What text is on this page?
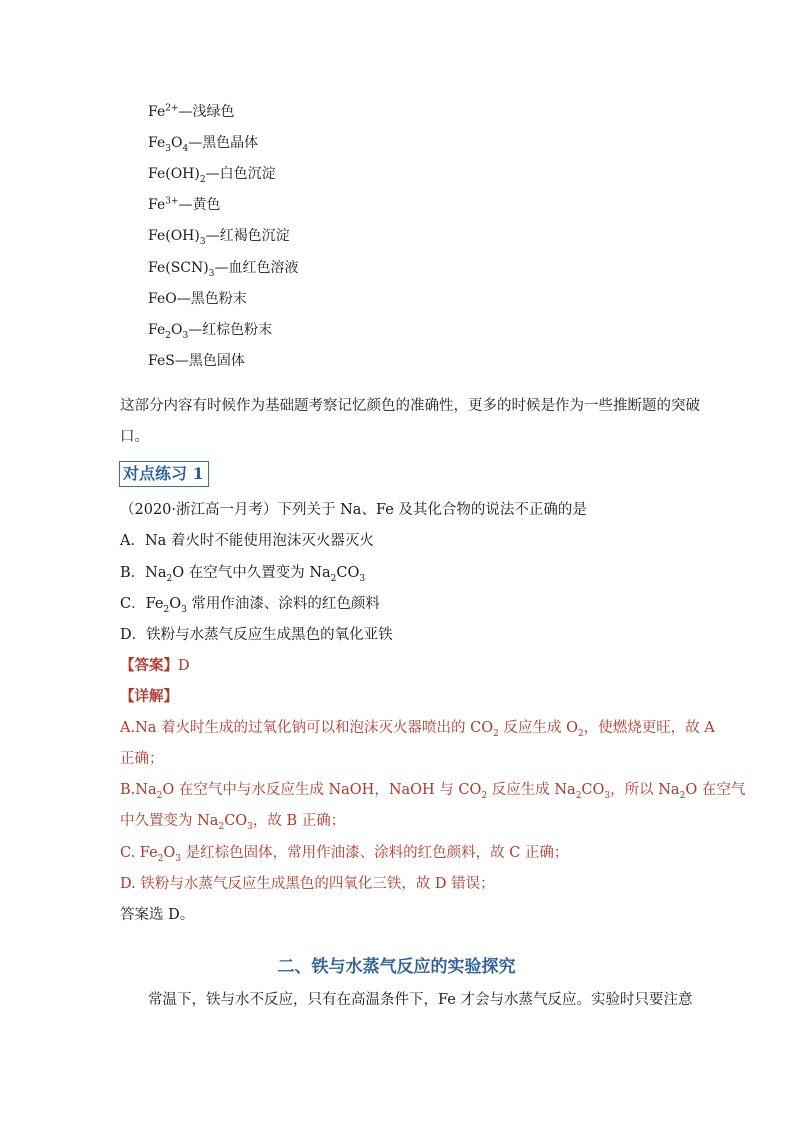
$Fe^{2+}—$浅绿色
$Fe_3O_4—$黑色晶体
$Fe(OH)_2—$白色沉淀
$Fe^{3+}—$黄色
$Fe(OH)_3—$红褐色沉淀
$Fe(SCN)_3—$血红色溶液
FeO—黑色粉末
$Fe_2O_3—$红棕色粉末
FeS—黑色固体
这部分内容有时候作为基础题考察记忆颜色的准确性，更多的时候是作为一些推断题的突破
口。
对点练习 1
（2020·浙江高一月考）下列关于 Na、Fe 及其化合物的说法不正确的是
A．Na 着火时不能使用泡沫灭火器灭火
B．$Na_2O$ 在空气中久置变为 $Na_2CO_3$
C．$Fe_2O_3$ 常用作油漆、涂料的红色颜料
D．铁粉与水蒸气反应生成黑色的氧化亚铁
【答案】D
【详解】
A.Na 着火时生成的过氧化钠可以和泡沫灭火器喷出的 $CO_2$ 反应生成 $O_2$，使燃烧更旺，故 A
正确；
$B.Na_2O$ 在空气中与水反应生成 NaOH，NaOH 与 $CO_2$ 反应生成 $Na_2CO_3$，所以 $Na_2O$ 在空气
中久置变为 $Na_2CO_3$，故 B 正确；
C. $Fe_2O_3$ 是红棕色固体，常用作油漆、涂料的红色颜料，故 C 正确；
D. 铁粉与水蒸气反应生成黑色的四氧化三铁，故 D 错误；
答案选 D。
二、铁与水蒸气反应的实验探究
常温下，铁与水不反应，只有在高温条件下，Fe 才会与水蒸气反应。实验时只要注意
